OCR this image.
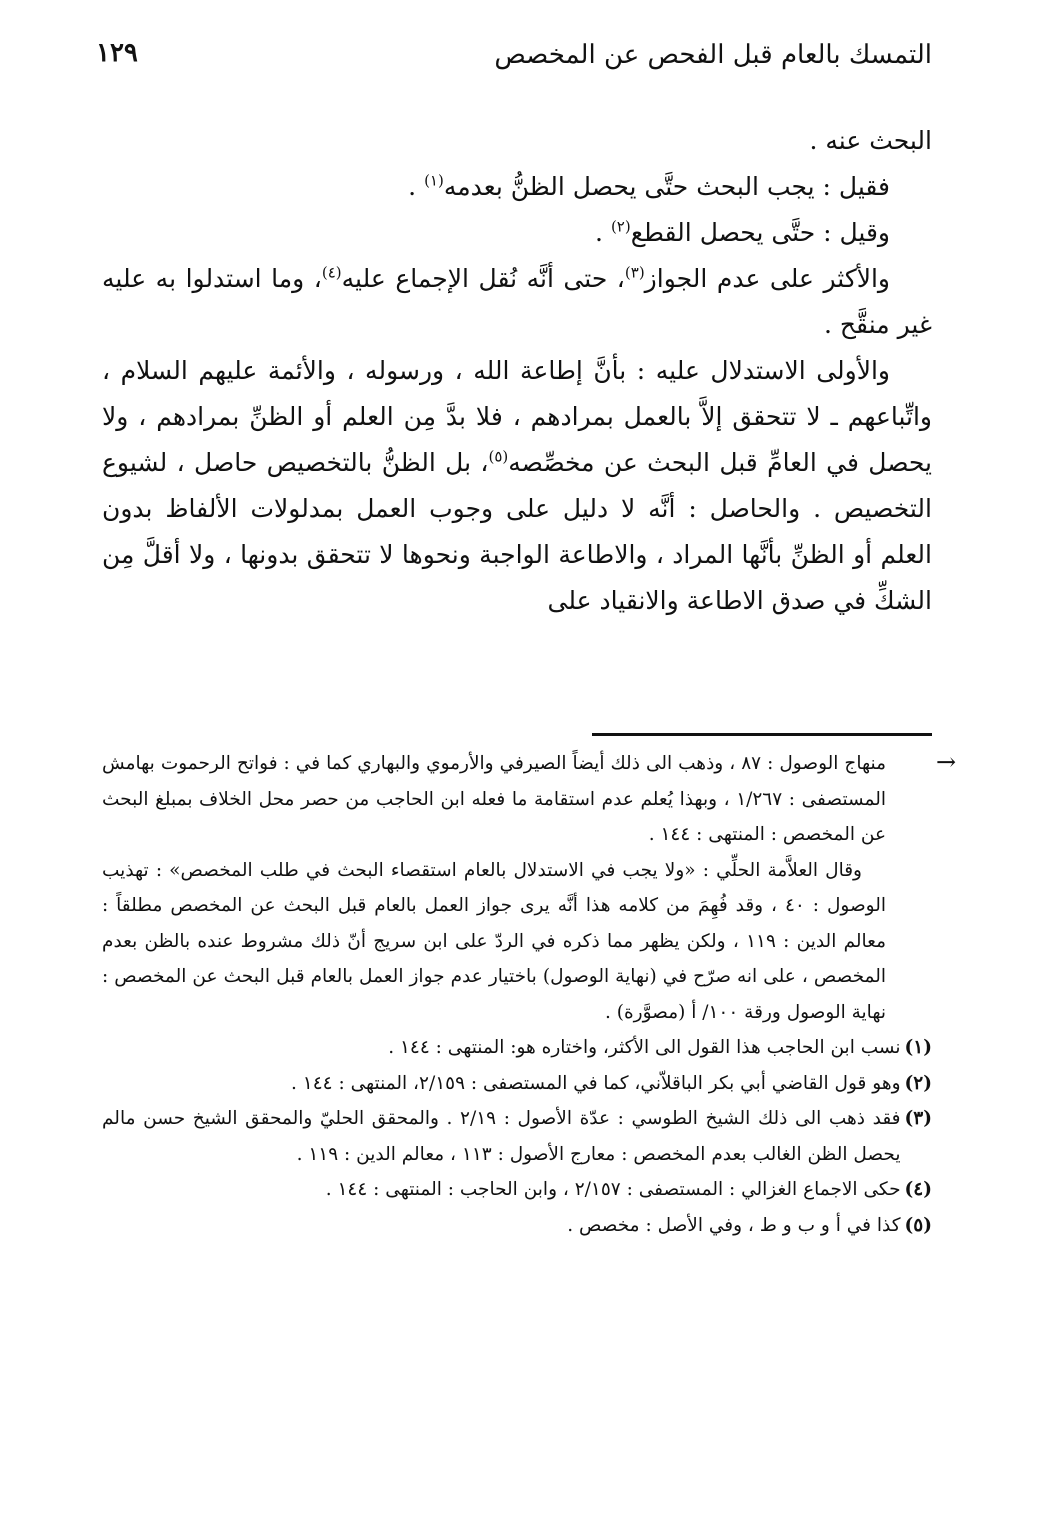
١٢٩	التمسك بالعام قبل الفحص عن المخصص

البحث عنه .

فقيل : يجب البحث حتَّى يحصل الظنُّ بعدمه$^{(١)}$ .

وقيل : حتَّى يحصل القطع$^{(٢)}$ .

والأكثر على عدم الجواز$^{(٣)}$، حتى أنَّه نُقل الإجماع عليه$^{(٤)}$، وما استدلوا به عليه غير منقَّح .

والأولى الاستدلال عليه : بأنَّ إطاعة الله ، ورسوله ، والأئمة عليهم السلام ، واتِّباعهم ـ لا تتحقق إلاَّ بالعمل بمرادهم ، فلا بدَّ مِن العلم أو الظنِّ بمرادهم ، ولا يحصل في العامِّ قبل البحث عن مخصِّصه$^{(٥)}$، بل الظنُّ بالتخصيص حاصل ، لشيوع التخصيص . والحاصل : أنَّه لا دليل على وجوب العمل بمدلولات الألفاظ بدون العلم أو الظنِّ بأنَّها المراد ، والاطاعة الواجبة ونحوها لا تتحقق بدونها ، ولا أقلَّ مِن الشكِّ في صدق الاطاعة والانقياد على

→

منهاج الوصول : ٨٧ ، وذهب الى ذلك أيضاً الصيرفي والأرموي والبهاري كما في : فواتح الرحموت بهامش المستصفى : ١/٢٦٧ ، وبهذا يُعلم عدم استقامة ما فعله ابن الحاجب من حصر محل الخلاف بمبلغ البحث عن المخصص : المنتهى : ١٤٤ .

وقال العلاَّمة الحلِّي : «ولا يجب في الاستدلال بالعام استقصاء البحث في طلب المخصص» : تهذيب الوصول : ٤٠ ، وقد فُهِمَ من كلامه هذا أنَّه يرى جواز العمل بالعام قبل البحث عن المخصص مطلقاً : معالم الدين : ١١٩ ، ولكن يظهر مما ذكره في الردّ على ابن سريج أنّ ذلك مشروط عنده بالظن بعدم المخصص ، على انه صرّح في (نهاية الوصول) باختيار عدم جواز العمل بالعام قبل البحث عن المخصص : نهاية الوصول ورقة ١٠٠/ أ (مصوَّرة) .

(١)
نسب ابن الحاجب هذا القول الى الأكثر، واختاره هو: المنتهى : ١٤٤ .
(٢)
وهو قول القاضي أبي بكر الباقلاّني، كما في المستصفى : ٢/١٥٩، المنتهى : ١٤٤ .
(٣)
فقد ذهب الى ذلك الشيخ الطوسي : عدّة الأصول : ٢/١٩ . والمحقق الحليّ والمحقق الشيخ حسن مالم يحصل الظن الغالب بعدم المخصص : معارج الأصول : ١١٣ ، معالم الدين : ١١٩ .
(٤)
حكى الاجماع الغزالي : المستصفى : ٢/١٥٧ ، وابن الحاجب : المنتهى : ١٤٤ .
(٥)
كذا في أ و ب و ط ، وفي الأصل : مخصص .
